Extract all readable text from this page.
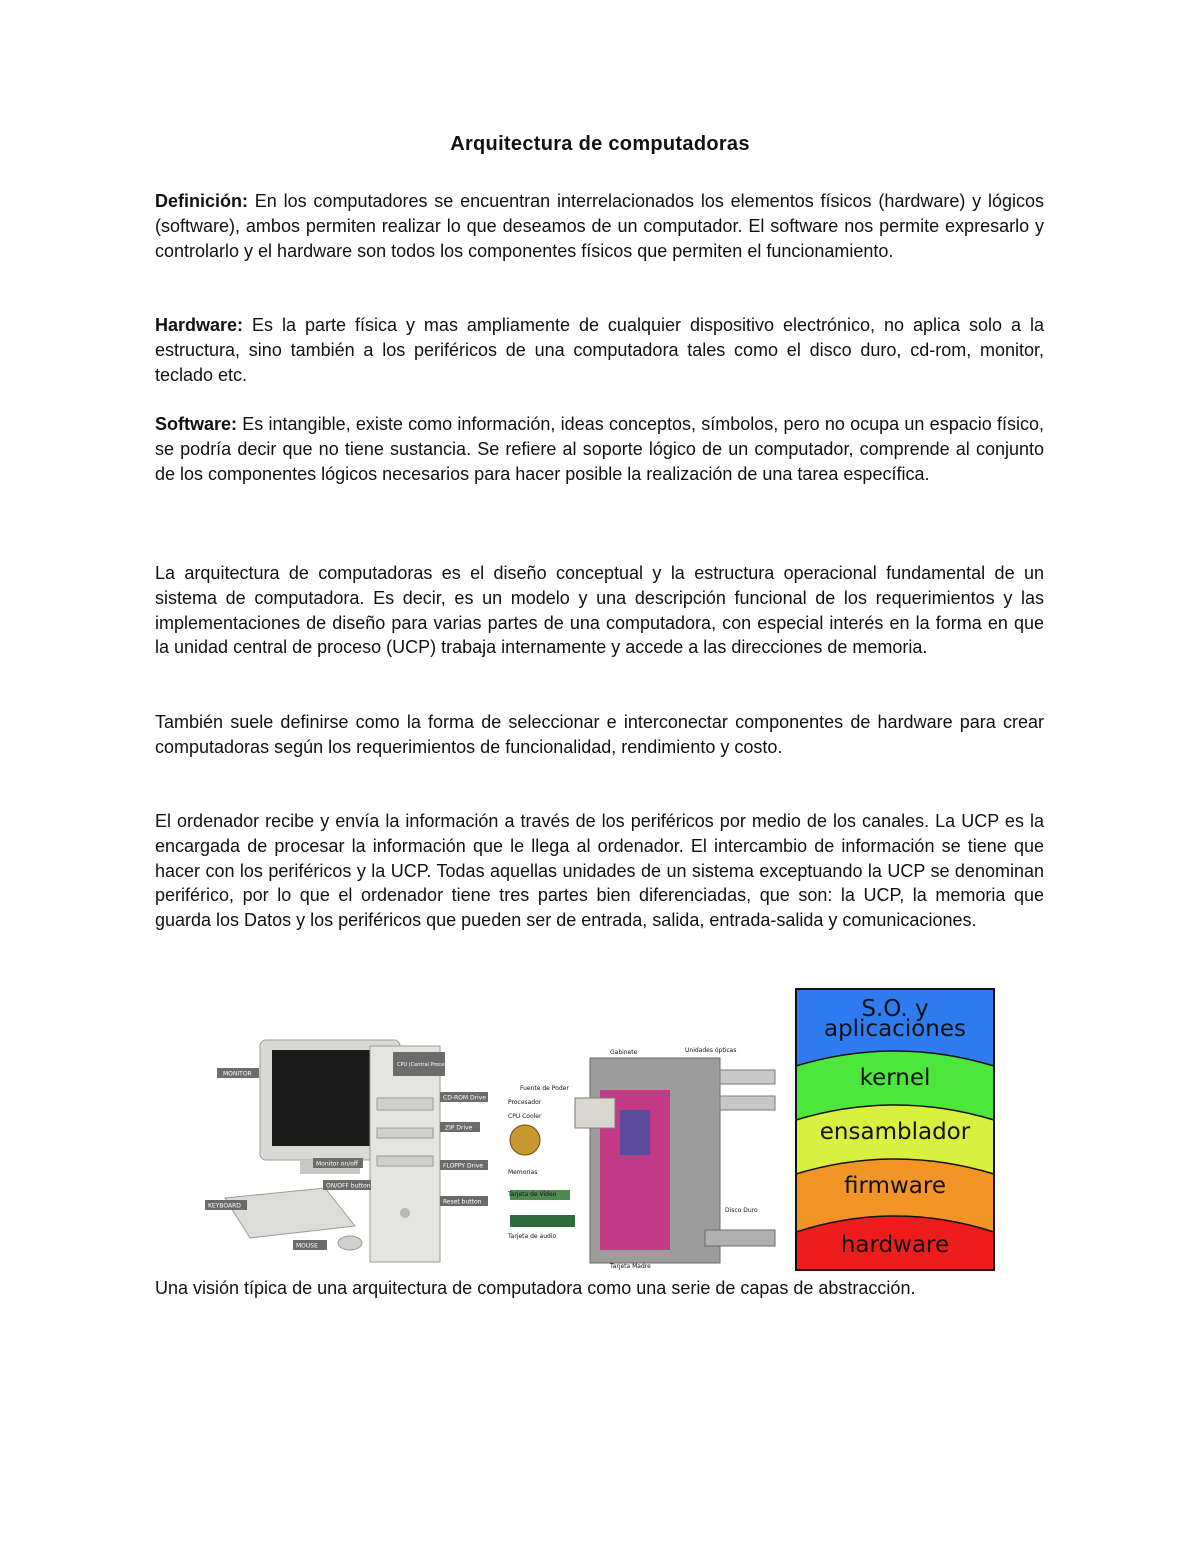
Arquitectura de computadoras

Definición: En los computadores se encuentran interrelacionados los elementos físicos (hardware) y lógicos (software), ambos permiten realizar lo que deseamos de un computador. El software nos permite expresarlo y controlarlo y el hardware son todos los componentes físicos que permiten el funcionamiento.

Hardware: Es la parte física y mas ampliamente de cualquier dispositivo electrónico, no aplica solo a la estructura, sino también a los periféricos de una computadora tales como el disco duro, cd-rom, monitor, teclado etc.

Software: Es intangible, existe como información, ideas conceptos, símbolos, pero no ocupa un espacio físico, se podría decir que no tiene sustancia. Se refiere al soporte lógico de un computador, comprende al conjunto de los componentes lógicos necesarios para hacer posible la realización de una tarea específica.

La arquitectura de computadoras es el diseño conceptual y la estructura operacional fundamental de un sistema de computadora. Es decir, es un modelo y una descripción funcional de los requerimientos y las implementaciones de diseño para varias partes de una computadora, con especial interés en la forma en que la unidad central de proceso (UCP) trabaja internamente y accede a las direcciones de memoria.

También suele definirse como la forma de seleccionar e interconectar componentes de hardware para crear computadoras según los requerimientos de funcionalidad, rendimiento y costo.

El ordenador recibe y envía la información a través de los periféricos por medio de los canales. La UCP es la encargada de procesar la información que le llega al ordenador. El intercambio de información se tiene que hacer con los periféricos y la UCP. Todas aquellas unidades de un sistema exceptuando la UCP se denominan periférico, por lo que el ordenador tiene tres partes bien diferenciadas, que son: la UCP, la memoria que guarda los Datos y los periféricos que pueden ser de entrada, salida, entrada-salida y comunicaciones.

MONITOR
CPU (Central Processing Unit)
CD-ROM Drive
ZIP Drive
Monitor on/off
ON/OFF button
FLOPPY Drive
Reset button
KEYBOARD
MOUSE
Gabinete	Unidades ópticas
Fuente de Poder
Procesador
CPU Cooler
Memorias
Tarjeta de Video
Disco Duro
Tarjeta de audio
Tarjeta Madre
S.O. y
aplicaciones
kernel
ensamblador
firmware
hardware

Una visión típica de una arquitectura de computadora como una serie de capas de abstracción.
